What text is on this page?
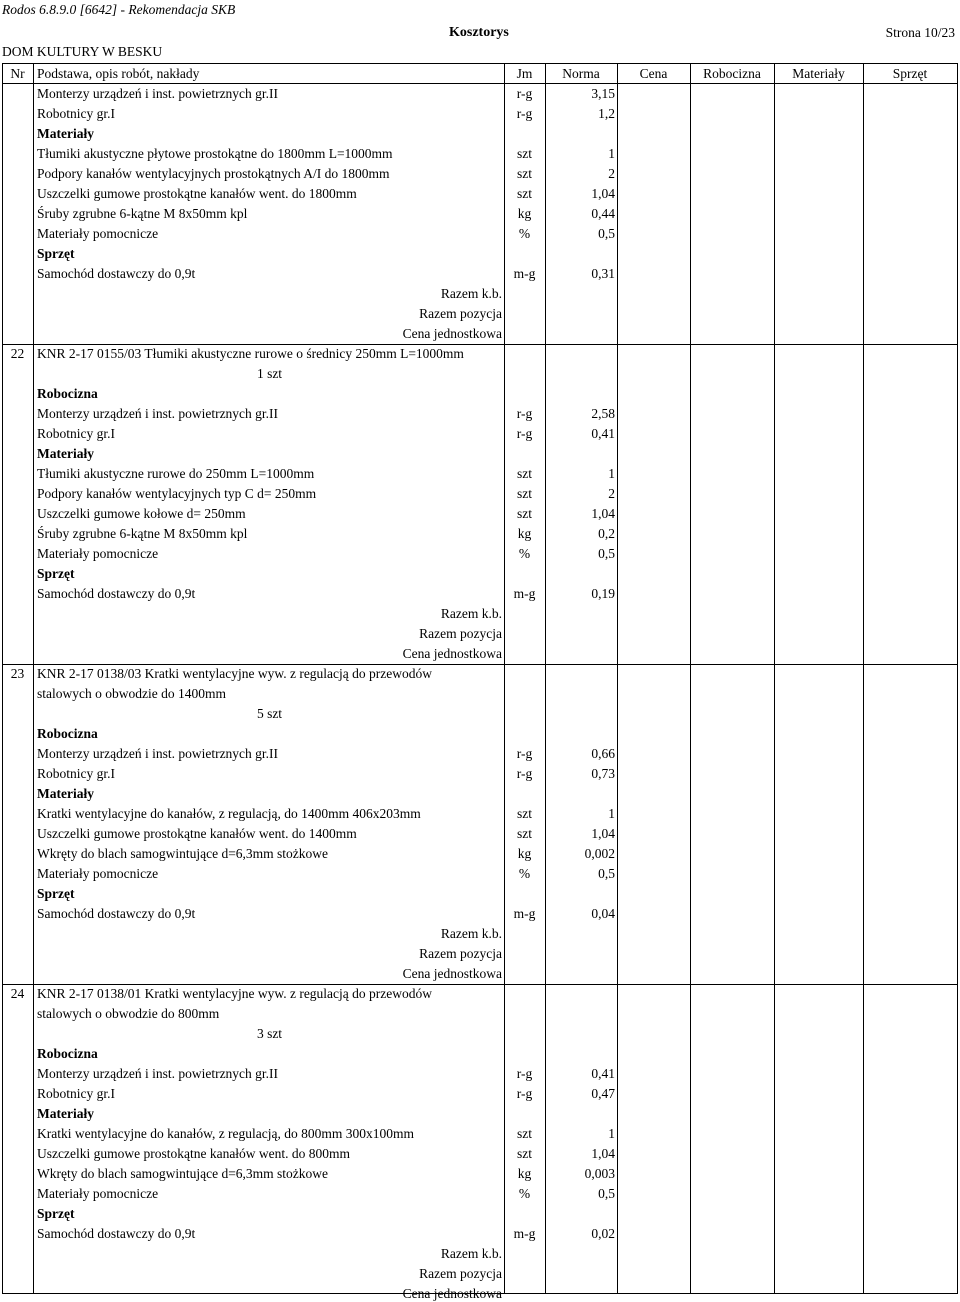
Rodos 6.8.9.0 [6642] - Rekomendacja SKB
Kosztorys	Strona 10/23
DOM KULTURY W BESKU
Nr Podstawa, opis robót, nakłady	Jm	Norma	Cena	Robocizna	Materiały	Sprzęt
Monterzy urządzeń i inst. powietrznych gr.II	r-g	3,15
Robotnicy gr.I	r-g	1,2
Materiały
Tłumiki akustyczne płytowe prostokątne do 1800mm L=1000mm	szt	1
Podpory kanałów wentylacyjnych prostokątnych A/I do 1800mm	szt	2
Uszczelki gumowe prostokątne kanałów went. do 1800mm	szt	1,04
Śruby zgrubne 6-kątne M 8x50mm kpl	kg	0,44
Materiały pomocnicze	%	0,5
Sprzęt
Samochód dostawczy do 0,9t	m-g	0,31
Razem k.b.
Razem pozycja
Cena jednostkowa
22 KNR 2-17 0155/03 Tłumiki akustyczne rurowe o średnicy 250mm L=1000mm
1 szt
Robocizna
Monterzy urządzeń i inst. powietrznych gr.II	r-g	2,58
Robotnicy gr.I	r-g	0,41
Materiały
Tłumiki akustyczne rurowe do 250mm L=1000mm	szt	1
Podpory kanałów wentylacyjnych typ C d= 250mm	szt	2
Uszczelki gumowe kołowe d= 250mm	szt	1,04
Śruby zgrubne 6-kątne M 8x50mm kpl	kg	0,2
Materiały pomocnicze	%	0,5
Sprzęt
Samochód dostawczy do 0,9t	m-g	0,19
Razem k.b.
Razem pozycja
Cena jednostkowa
23 KNR 2-17 0138/03 Kratki wentylacyjne wyw. z regulacją do przewodów
stalowych o obwodzie do 1400mm
5 szt
Robocizna
Monterzy urządzeń i inst. powietrznych gr.II	r-g	0,66
Robotnicy gr.I	r-g	0,73
Materiały
Kratki wentylacyjne do kanałów, z regulacją, do 1400mm 406x203mm	szt	1
Uszczelki gumowe prostokątne kanałów went. do 1400mm	szt	1,04
Wkręty do blach samogwintujące d=6,3mm stożkowe	kg	0,002
Materiały pomocnicze	%	0,5
Sprzęt
Samochód dostawczy do 0,9t	m-g	0,04
Razem k.b.
Razem pozycja
Cena jednostkowa
24 KNR 2-17 0138/01 Kratki wentylacyjne wyw. z regulacją do przewodów
stalowych o obwodzie do 800mm
3 szt
Robocizna
Monterzy urządzeń i inst. powietrznych gr.II	r-g	0,41
Robotnicy gr.I	r-g	0,47
Materiały
Kratki wentylacyjne do kanałów, z regulacją, do 800mm 300x100mm	szt	1
Uszczelki gumowe prostokątne kanałów went. do 800mm	szt	1,04
Wkręty do blach samogwintujące d=6,3mm stożkowe	kg	0,003
Materiały pomocnicze	%	0,5
Sprzęt
Samochód dostawczy do 0,9t	m-g	0,02
Razem k.b.
Razem pozycja
Cena jednostkowa
